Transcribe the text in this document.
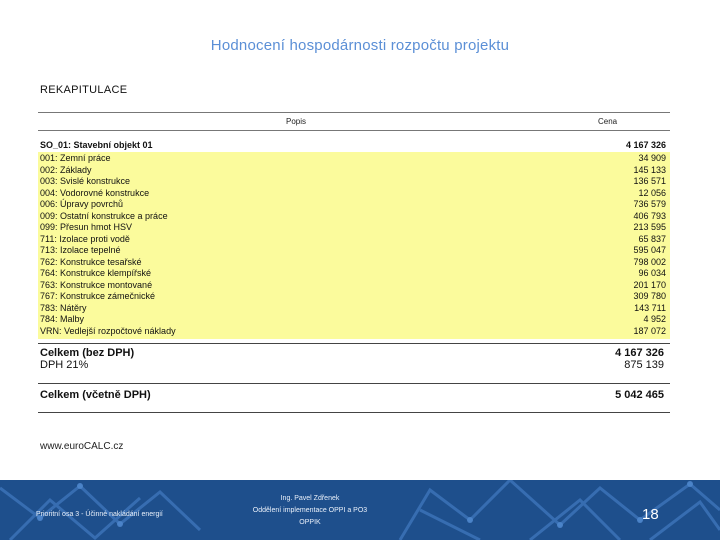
Hodnocení hospodárnosti rozpočtu projektu
REKAPITULACE
Popis	Cena
SO_01: Stavební objekt 01	4 167 326
001: Zemní práce	34 909
002: Základy	145 133
003: Svislé konstrukce	136 571
004: Vodorovné konstrukce	12 056
006: Úpravy povrchů	736 579
009: Ostatní konstrukce a práce	406 793
099: Přesun hmot HSV	213 595
711: Izolace proti vodě	65 837
713: Izolace tepelné	595 047
762: Konstrukce tesařské	798 002
764: Konstrukce klempířské	96 034
763: Konstrukce montované	201 170
767: Konstrukce zámečnické	309 780
783: Nátěry	143 711
784: Malby	4 952
VRN: Vedlejší rozpočtové náklady	187 072
Celkem (bez DPH)	4 167 326
DPH 21%	875 139
Celkem (včetně DPH)	5 042 465
www.euroCALC.cz
Prioritní osa 3 - Účinné nakládání energií
Ing. Pavel Zdřenek
Oddělení implementace OPPI a PO3
OPPIK	18
